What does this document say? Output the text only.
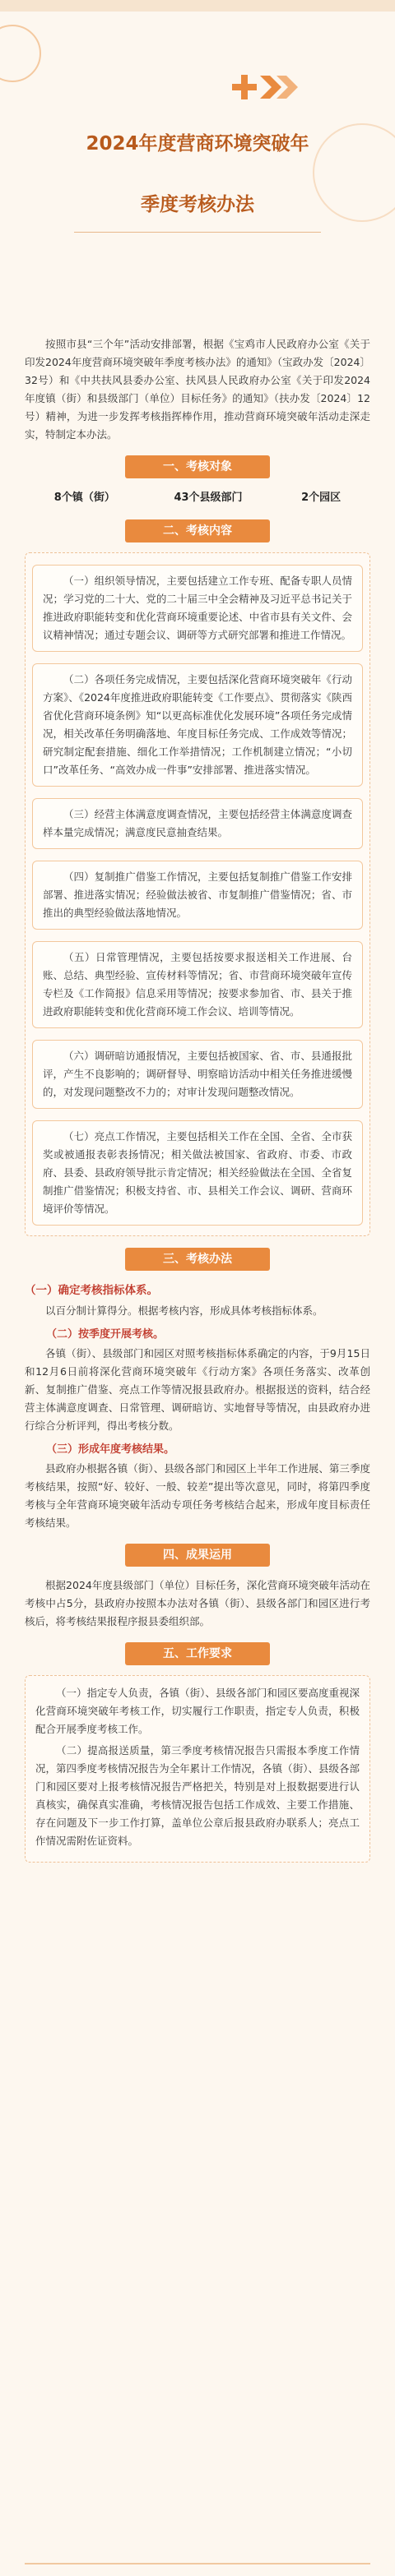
2024年度营商环境突破年
季度考核办法

按照市县“三个年”活动安排部署，根据《宝鸡市人民政府办公室《关于印发2024年度营商环境突破年季度考核办法》的通知》（宝政办发〔2024〕32号）和《中共扶风县委办公室、扶风县人民政府办公室《关于印发2024年度镇（街）和县级部门（单位）目标任务》的通知》（扶办发〔2024〕12号）精神，为进一步发挥考核指挥棒作用，推动营商环境突破年活动走深走实，特制定本办法。

一、考核对象
8个镇（街）	43个县级部门	2个园区
二、考核内容
（一）组织领导情况，主要包括建立工作专班、配备专职人员情况；学习党的二十大、党的二十届三中全会精神及习近平总书记关于推进政府职能转变和优化营商环境重要论述、中省市县有关文件、会议精神情况；通过专题会议、调研等方式研究部署和推进工作情况。
（二）各项任务完成情况，主要包括深化营商环境突破年《行动方案》、《2024年度推进政府职能转变《工作要点》、贯彻落实《陕西省优化营商环境条例》知“以更高标准优化发展环境”各项任务完成情况，相关改革任务明确落地、年度目标任务完成、工作成效等情况；研究制定配套措施、细化工作举措情况；工作机制建立情况；“小切口”改革任务、“高效办成一件事”安排部署、推进落实情况。
（三）经营主体满意度调查情况，主要包括经营主体满意度调查样本量完成情况；满意度民意抽查结果。
（四）复制推广借鉴工作情况，主要包括复制推广借鉴工作安排部署、推进落实情况；经验做法被省、市复制推广借鉴情况；省、市推出的典型经验做法落地情况。
（五）日常管理情况，主要包括按要求报送相关工作进展、台账、总结、典型经验、宣传材料等情况；省、市营商环境突破年宣传专栏及《工作简报》信息采用等情况；按要求参加省、市、县关于推进政府职能转变和优化营商环境工作会议、培训等情况。
（六）调研暗访通报情况，主要包括被国家、省、市、县通报批评，产生不良影响的；调研督导、明察暗访活动中相关任务推进缓慢的，对发现问题整改不力的；对审计发现问题整改情况。
（七）亮点工作情况，主要包括相关工作在全国、全省、全市获奖或被通报表彰表扬情况；相关做法被国家、省政府、市委、市政府、县委、县政府领导批示肯定情况；相关经验做法在全国、全省复制推广借鉴情况；积极支持省、市、县相关工作会议、调研、营商环境评价等情况。
三、考核办法
（一）确定考核指标体系。

以百分制计算得分。根据考核内容，形成具体考核指标体系。

（二）按季度开展考核。

各镇（街）、县级部门和园区对照考核指标体系确定的内容，于9月15日和12月6日前将深化营商环境突破年《行动方案》各项任务落实、改革创新、复制推广借鉴、亮点工作等情况报县政府办。根据报送的资料，结合经营主体满意度调查、日常管理、调研暗访、实地督导等情况，由县政府办进行综合分析评判，得出考核分数。

（三）形成年度考核结果。

县政府办根据各镇（街）、县级各部门和园区上半年工作进展、第三季度考核结果，按照“好、较好、一般、较差”提出等次意见，同时，将第四季度考核与全年营商环境突破年活动专项任务考核结合起来，形成年度目标责任考核结果。

四、成果运用

根据2024年度县级部门（单位）目标任务，深化营商环境突破年活动在考核中占5分，县政府办按照本办法对各镇（街）、县级各部门和园区进行考核后，将考核结果报程序报县委组织部。

五、工作要求

（一）指定专人负责，各镇（街）、县级各部门和园区要高度重视深化营商环境突破年考核工作，切实履行工作职责，指定专人负责，积极配合开展季度考核工作。

（二）提高报送质量，第三季度考核情况报告只需报本季度工作情况，第四季度考核情况报告为全年累计工作情况，各镇（街）、县级各部门和园区要对上报考核情况报告严格把关，特别是对上报数据要进行认真核实，确保真实准确，考核情况报告包括工作成效、主要工作措施、存在问题及下一步工作打算，盖单位公章后报县政府办联系人；亮点工作情况需附佐证资料。
